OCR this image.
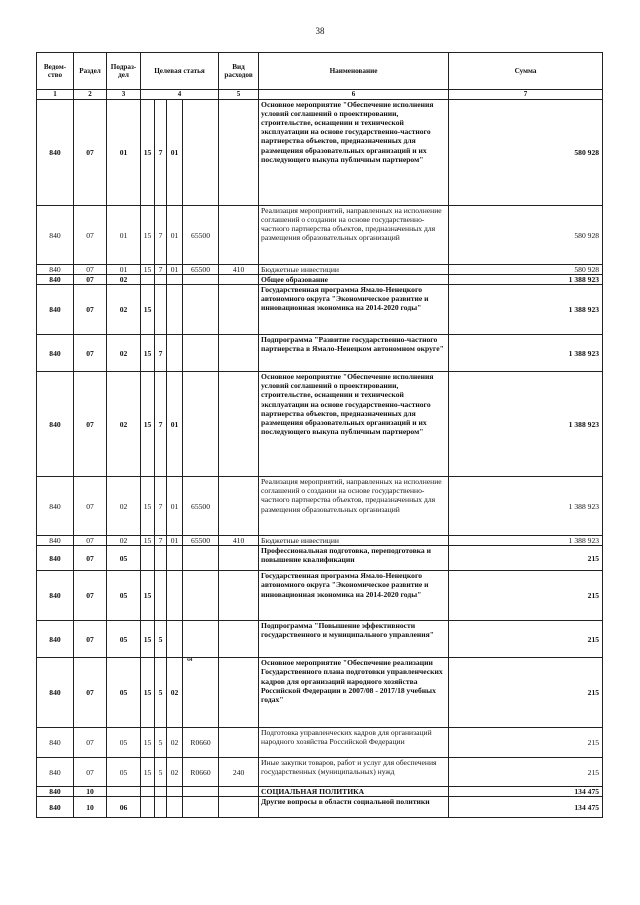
38
Ведом-ство	Раздел	Подраз-дел	Целевая статья				Вид расходов	Наименование	Сумма
1	2	3	4				5	6	7
840	07	01	15	7	01			Основное мероприятие "Обеспечение исполнения условий соглашений о проектировании, строительстве, оснащении и технической эксплуатации на основе государственно-частного партнерства объектов, предназначенных для размещения образовательных организаций и их последующего выкупа публичным партнером"	580 928
840	07	01	15	7	01	65500		Реализация мероприятий, направленных на исполнение соглашений о создании на основе государственно-частного партнерства объектов, предназначенных для размещения образовательных организаций	580 928
840	07	01	15	7	01	65500	410	Бюджетные инвестиции	580 928
840	07	02						Общее образование	1 388 923
840	07	02	15					Государственная программа Ямало-Ненецкого автономного округа "Экономическое развитие и инновационная экономика на 2014-2020 годы"	1 388 923
840	07	02	15	7				Подпрограмма "Развитие государственно-частного партнерства в Ямало-Ненецком автономном округе"	1 388 923
840	07	02	15	7	01			Основное мероприятие "Обеспечение исполнения условий соглашений о проектировании, строительстве, оснащении и технической эксплуатации на основе государственно-частного партнерства объектов, предназначенных для размещения образовательных организаций и их последующего выкупа публичным партнером"	1 388 923
840	07	02	15	7	01	65500		Реализация мероприятий, направленных на исполнение соглашений о создании на основе государственно-частного партнерства объектов, предназначенных для размещения образовательных организаций	1 388 923
840	07	02	15	7	01	65500	410	Бюджетные инвестиции	1 388 923
840	07	05						Профессиональная подготовка, переподготовка и повышение квалификации	215
840	07	05	15					Государственная программа Ямало-Ненецкого автономного округа "Экономическое развитие и инновационная экономика на 2014-2020 годы"	215
840	07	05	15	5				Подпрограмма "Повышение эффективности государственного и муниципального управления"	215
840	07	05	15	5	02	$^{ч4}$		Основное мероприятие "Обеспечение реализации Государственного плана подготовки управленческих кадров для организаций народного хозяйства Российской Федерации в 2007/08 - 2017/18 учебных годах"	215
840	07	05	15	5	02	R0660		Подготовка управленческих кадров для организаций народного хозяйства Российской Федерации	215
840	07	05	15	5	02	R0660	240	Иные закупки товаров, работ и услуг для обеспечения государственных (муниципальных) нужд	215
840	10							СОЦИАЛЬНАЯ ПОЛИТИКА	134 475
840	10	06						Другие вопросы в области социальной политики	134 475
